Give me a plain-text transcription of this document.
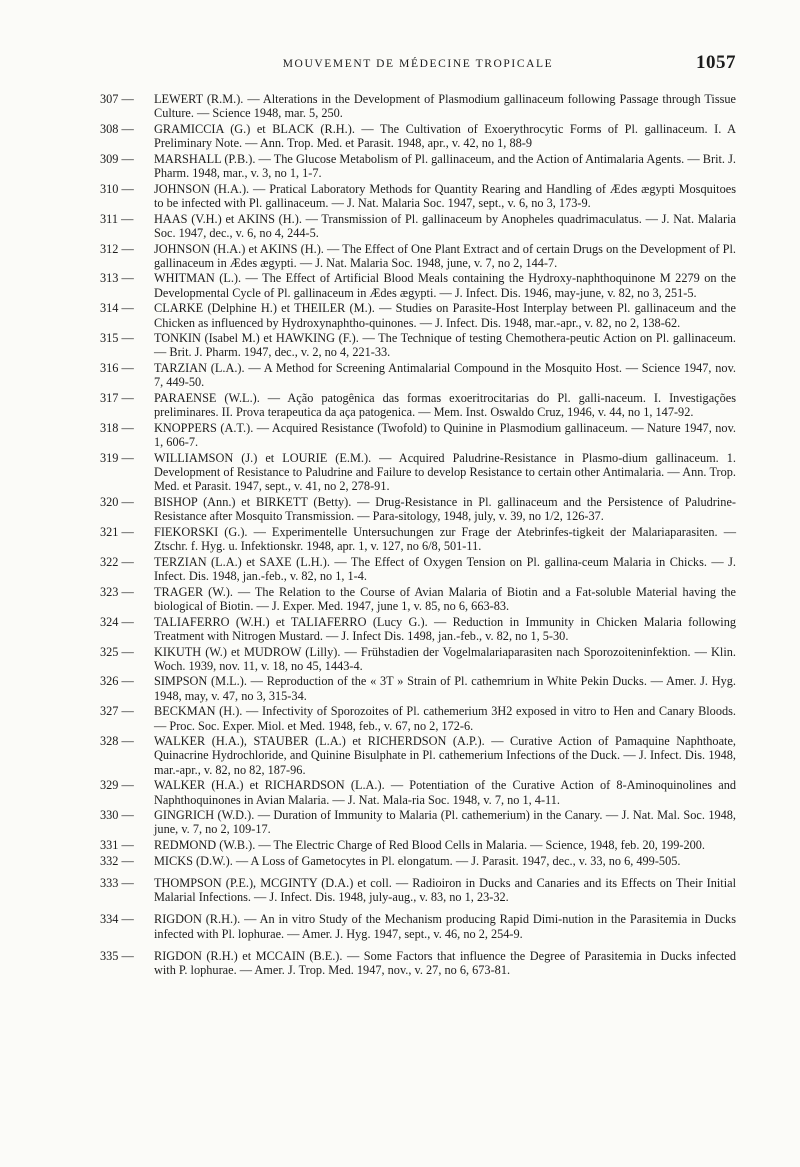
MOUVEMENT DE MÉDECINE TROPICALE	1057
307 —	LEWERT (R.M.). — Alterations in the Development of Plasmodium gallinaceum following Passage through Tissue Culture. — Science 1948, mar. 5, 250.
308 —	GRAMICCIA (G.) et BLACK (R.H.). — The Cultivation of Exoerythrocytic Forms of Pl. gallinaceum. I. A Preliminary Note. — Ann. Trop. Med. et Parasit. 1948, apr., v. 42, no 1, 88-9
309 —	MARSHALL (P.B.). — The Glucose Metabolism of Pl. gallinaceum, and the Action of Antimalaria Agents. — Brit. J. Pharm. 1948, mar., v. 3, no 1, 1-7.
310 —	JOHNSON (H.A.). — Pratical Laboratory Methods for Quantity Rearing and Handling of Ædes ægypti Mosquitoes to be infected with Pl. gallinaceum. — J. Nat. Malaria Soc. 1947, sept., v. 6, no 3, 173-9.
311 —	HAAS (V.H.) et AKINS (H.). — Transmission of Pl. gallinaceum by Anopheles quadrimaculatus. — J. Nat. Malaria Soc. 1947, dec., v. 6, no 4, 244-5.
312 —	JOHNSON (H.A.) et AKINS (H.). — The Effect of One Plant Extract and of certain Drugs on the Development of Pl. gallinaceum in Ædes ægypti. — J. Nat. Malaria Soc. 1948, june, v. 7, no 2, 144-7.
313 —	WHITMAN (L.). — The Effect of Artificial Blood Meals containing the Hydroxy-naphthoquinone M 2279 on the Developmental Cycle of Pl. gallinaceum in Ædes ægypti. — J. Infect. Dis. 1946, may-june, v. 82, no 3, 251-5.
314 —	CLARKE (Delphine H.) et THEILER (M.). — Studies on Parasite-Host Interplay between Pl. gallinaceum and the Chicken as influenced by Hydroxynaphtho-quinones. — J. Infect. Dis. 1948, mar.-apr., v. 82, no 2, 138-62.
315 —	TONKIN (Isabel M.) et HAWKING (F.). — The Technique of testing Chemothera-peutic Action on Pl. gallinaceum. — Brit. J. Pharm. 1947, dec., v. 2, no 4, 221-33.
316 —	TARZIAN (L.A.). — A Method for Screening Antimalarial Compound in the Mosquito Host. — Science 1947, nov. 7, 449-50.
317 —	PARAENSE (W.L.). — Ação patogênica das formas exoeritrocitarias do Pl. galli-naceum. I. Investigações preliminares. II. Prova terapeutica da aça patogenica. — Mem. Inst. Oswaldo Cruz, 1946, v. 44, no 1, 147-92.
318 —	KNOPPERS (A.T.). — Acquired Resistance (Twofold) to Quinine in Plasmodium gallinaceum. — Nature 1947, nov. 1, 606-7.
319 —	WILLIAMSON (J.) et LOURIE (E.M.). — Acquired Paludrine-Resistance in Plasmo-dium gallinaceum. 1. Development of Resistance to Paludrine and Failure to develop Resistance to certain other Antimalaria. — Ann. Trop. Med. et Parasit. 1947, sept., v. 41, no 2, 278-91.
320 —	BISHOP (Ann.) et BIRKETT (Betty). — Drug-Resistance in Pl. gallinaceum and the Persistence of Paludrine-Resistance after Mosquito Transmission. — Para-sitology, 1948, july, v. 39, no 1/2, 126-37.
321 —	FIEKORSKI (G.). — Experimentelle Untersuchungen zur Frage der Atebrinfes-tigkeit der Malariaparasiten. — Ztschr. f. Hyg. u. Infektionskr. 1948, apr. 1, v. 127, no 6/8, 501-11.
322 —	TERZIAN (L.A.) et SAXE (L.H.). — The Effect of Oxygen Tension on Pl. gallina-ceum Malaria in Chicks. — J. Infect. Dis. 1948, jan.-feb., v. 82, no 1, 1-4.
323 —	TRAGER (W.). — The Relation to the Course of Avian Malaria of Biotin and a Fat-soluble Material having the biological of Biotin. — J. Exper. Med. 1947, june 1, v. 85, no 6, 663-83.
324 —	TALIAFERRO (W.H.) et TALIAFERRO (Lucy G.). — Reduction in Immunity in Chicken Malaria following Treatment with Nitrogen Mustard. — J. Infect Dis. 1498, jan.-feb., v. 82, no 1, 5-30.
325 —	KIKUTH (W.) et MUDROW (Lilly). — Frühstadien der Vogelmalariaparasiten nach Sporozoiteninfektion. — Klin. Woch. 1939, nov. 11, v. 18, no 45, 1443-4.
326 —	SIMPSON (M.L.). — Reproduction of the « 3T » Strain of Pl. cathemrium in White Pekin Ducks. — Amer. J. Hyg. 1948, may, v. 47, no 3, 315-34.
327 —	BECKMAN (H.). — Infectivity of Sporozoites of Pl. cathemerium 3H2 exposed in vitro to Hen and Canary Bloods. — Proc. Soc. Exper. Miol. et Med. 1948, feb., v. 67, no 2, 172-6.
328 —	WALKER (H.A.), STAUBER (L.A.) et RICHERDSON (A.P.). — Curative Action of Pamaquine Naphthoate, Quinacrine Hydrochloride, and Quinine Bisulphate in Pl. cathemerium Infections of the Duck. — J. Infect. Dis. 1948, mar.-apr., v. 82, no 82, 187-96.
329 —	WALKER (H.A.) et RICHARDSON (L.A.). — Potentiation of the Curative Action of 8-Aminoquinolines and Naphthoquinones in Avian Malaria. — J. Nat. Mala-ria Soc. 1948, v. 7, no 1, 4-11.
330 —	GINGRICH (W.D.). — Duration of Immunity to Malaria (Pl. cathemerium) in the Canary. — J. Nat. Mal. Soc. 1948, june, v. 7, no 2, 109-17.
331 —	REDMOND (W.B.). — The Electric Charge of Red Blood Cells in Malaria. — Science, 1948, feb. 20, 199-200.
332 —	MICKS (D.W.). — A Loss of Gametocytes in Pl. elongatum. — J. Parasit. 1947, dec., v. 33, no 6, 499-505.
333 —	THOMPSON (P.E.), MCGINTY (D.A.) et coll. — Radioiron in Ducks and Canaries and its Effects on Their Initial Malarial Infections. — J. Infect. Dis. 1948, july-aug., v. 83, no 1, 23-32.
334 —	RIGDON (R.H.). — An in vitro Study of the Mechanism producing Rapid Dimi-nution in the Parasitemia in Ducks infected with Pl. lophurae. — Amer. J. Hyg. 1947, sept., v. 46, no 2, 254-9.
335 —	RIGDON (R.H.) et MCCAIN (B.E.). — Some Factors that influence the Degree of Parasitemia in Ducks infected with P. lophurae. — Amer. J. Trop. Med. 1947, nov., v. 27, no 6, 673-81.
